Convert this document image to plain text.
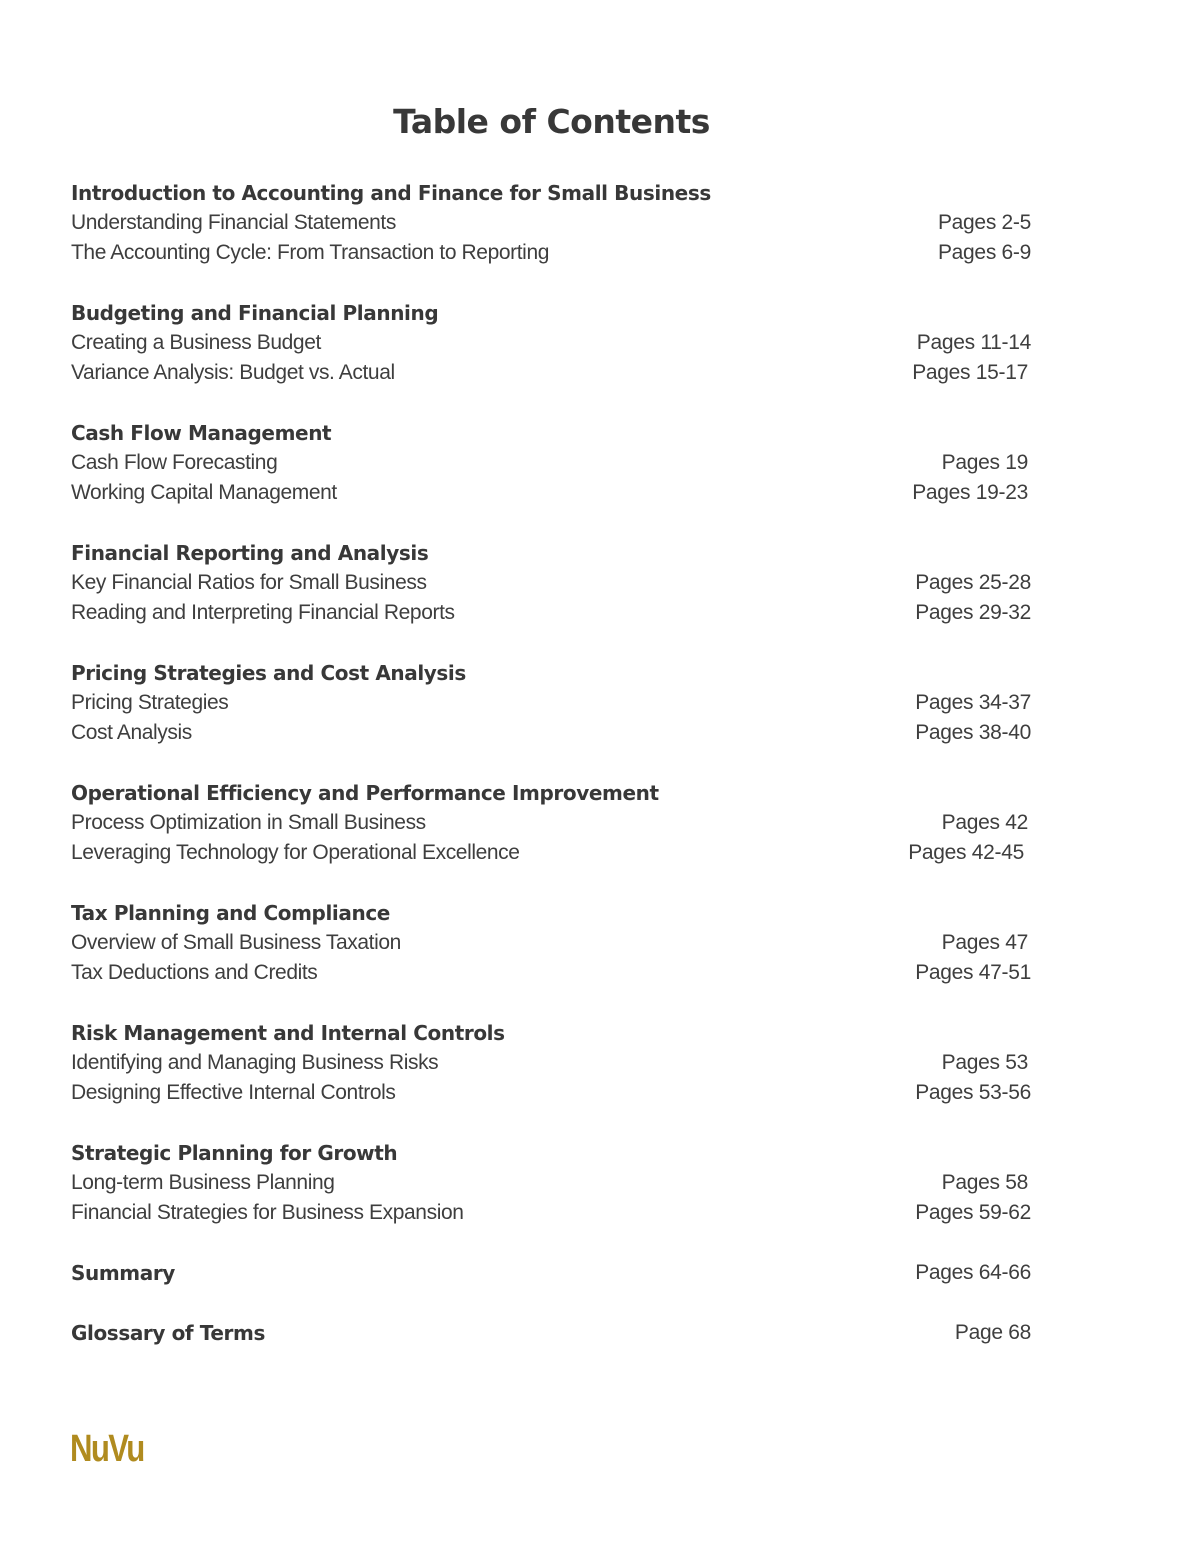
Table of Contents
Introduction to Accounting and Finance for Small Business
Understanding Financial Statements	Pages 2-5
The Accounting Cycle: From Transaction to Reporting	Pages 6-9
Budgeting and Financial Planning
Creating a Business Budget	Pages 11-14
Variance Analysis: Budget vs. Actual	Pages 15-17
Cash Flow Management
Cash Flow Forecasting	Pages 19
Working Capital Management	Pages 19-23
Financial Reporting and Analysis
Key Financial Ratios for Small Business	Pages 25-28
Reading and Interpreting Financial Reports	Pages 29-32
Pricing Strategies and Cost Analysis
Pricing Strategies	Pages 34-37
Cost Analysis	Pages 38-40
Operational Efficiency and Performance Improvement
Process Optimization in Small Business	Pages 42
Leveraging Technology for Operational Excellence	Pages 42-45
Tax Planning and Compliance
Overview of Small Business Taxation	Pages 47
Tax Deductions and Credits	Pages 47-51
Risk Management and Internal Controls
Identifying and Managing Business Risks	Pages 53
Designing Effective Internal Controls	Pages 53-56
Strategic Planning for Growth
Long-term Business Planning	Pages 58
Financial Strategies for Business Expansion	Pages 59-62
Summary	Pages 64-66
Glossary of Terms	Page 68
NuVu
